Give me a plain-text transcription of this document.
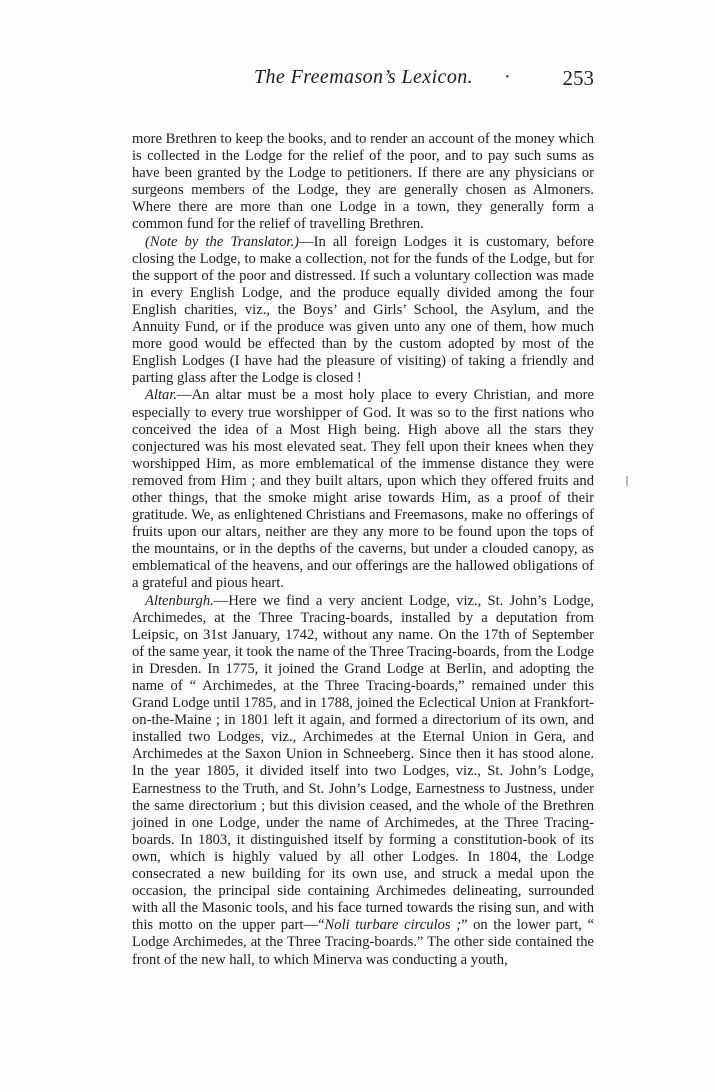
The Freemason’s Lexicon. · 253

more Brethren to keep the books, and to render an account of the money which is collected in the Lodge for the relief of the poor, and to pay such sums as have been granted by the Lodge to petitioners. If there are any physicians or surgeons members of the Lodge, they are generally chosen as Almoners. Where there are more than one Lodge in a town, they generally form a common fund for the relief of travelling Brethren.

(Note by the Translator.)—In all foreign Lodges it is customary, before closing the Lodge, to make a collection, not for the funds of the Lodge, but for the support of the poor and distressed. If such a voluntary collection was made in every English Lodge, and the produce equally divided among the four English charities, viz., the Boys’ and Girls’ School, the Asylum, and the Annuity Fund, or if the produce was given unto any one of them, how much more good would be effected than by the custom adopted by most of the English Lodges (I have had the pleasure of visiting) of taking a friendly and parting glass after the Lodge is closed !

Altar.—An altar must be a most holy place to every Christian, and more especially to every true worshipper of God. It was so to the first nations who conceived the idea of a Most High being. High above all the stars they conjectured was his most elevated seat. They fell upon their knees when they worshipped Him, as more emblematical of the immense distance they were removed from Him ; and they built altars, upon which they offered fruits and other things, that the smoke might arise towards Him, as a proof of their gratitude. We, as enlightened Christians and Freemasons, make no offerings of fruits upon our altars, neither are they any more to be found upon the tops of the mountains, or in the depths of the caverns, but under a clouded canopy, as emblematical of the heavens, and our offerings are the hallowed obligations of a grateful and pious heart.

Altenburgh.—Here we find a very ancient Lodge, viz., St. John’s Lodge, Archimedes, at the Three Tracing-boards, installed by a deputation from Leipsic, on 31st January, 1742, without any name. On the 17th of September of the same year, it took the name of the Three Tracing-boards, from the Lodge in Dresden. In 1775, it joined the Grand Lodge at Berlin, and adopting the name of “ Archimedes, at the Three Tracing-boards,” remained under this Grand Lodge until 1785, and in 1788, joined the Eclectical Union at Frankfort-on-the-Maine ; in 1801 left it again, and formed a directorium of its own, and installed two Lodges, viz., Archimedes at the Eternal Union in Gera, and Archimedes at the Saxon Union in Schneeberg. Since then it has stood alone. In the year 1805, it divided itself into two Lodges, viz., St. John’s Lodge, Earnestness to the Truth, and St. John’s Lodge, Earnestness to Justness, under the same directorium ; but this division ceased, and the whole of the Brethren joined in one Lodge, under the name of Archimedes, at the Three Tracing-boards. In 1803, it distinguished itself by forming a constitution-book of its own, which is highly valued by all other Lodges. In 1804, the Lodge consecrated a new building for its own use, and struck a medal upon the occasion, the principal side containing Archimedes delineating, surrounded with all the Masonic tools, and his face turned towards the rising sun, and with this motto on the upper part—“Noli turbare circulos ;” on the lower part, “ Lodge Archimedes, at the Three Tracing-boards.” The other side contained the front of the new hall, to which Minerva was conducting a youth,
